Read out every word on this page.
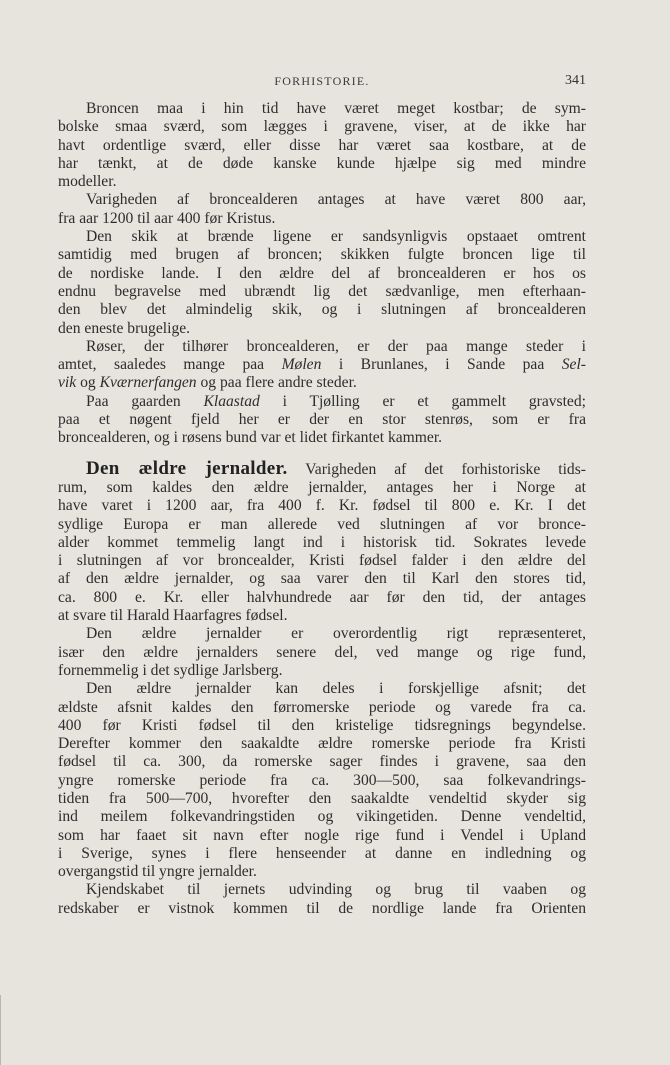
FORHISTORIE.	341
Broncen maa i hin tid have været meget kostbar; de sym-
bolske smaa sværd, som lægges i gravene, viser, at de ikke har
havt ordentlige sværd, eller disse har været saa kostbare, at de
har tænkt, at de døde kanske kunde hjælpe sig med mindre
modeller.
Varigheden af broncealderen antages at have været 800 aar,
fra aar 1200 til aar 400 før Kristus.
Den skik at brænde ligene er sandsynligvis opstaaet omtrent
samtidig med brugen af broncen; skikken fulgte broncen lige til
de nordiske lande. I den ældre del af broncealderen er hos os
endnu begravelse med ubrændt lig det sædvanlige, men efterhaan-
den blev det almindelig skik, og i slutningen af broncealderen
den eneste brugelige.
Røser, der tilhører broncealderen, er der paa mange steder i
amtet, saaledes mange paa Mølen i Brunlanes, i Sande paa Sel-
vik og Kværnerfangen og paa flere andre steder.
Paa gaarden Klaastad i Tjølling er et gammelt gravsted;
paa et nøgent fjeld her er der en stor stenrøs, som er fra
broncealderen, og i røsens bund var et lidet firkantet kammer.
Den ældre jernalder. Varigheden af det forhistoriske tids-
rum, som kaldes den ældre jernalder, antages her i Norge at
have varet i 1200 aar, fra 400 f. Kr. fødsel til 800 e. Kr. I det
sydlige Europa er man allerede ved slutningen af vor bronce-
alder kommet temmelig langt ind i historisk tid. Sokrates levede
i slutningen af vor broncealder, Kristi fødsel falder i den ældre del
af den ældre jernalder, og saa varer den til Karl den stores tid,
ca. 800 e. Kr. eller halvhundrede aar før den tid, der antages
at svare til Harald Haarfagres fødsel.
Den ældre jernalder er overordentlig rigt repræsenteret,
især den ældre jernalders senere del, ved mange og rige fund,
fornemmelig i det sydlige Jarlsberg.
Den ældre jernalder kan deles i forskjellige afsnit; det
ældste afsnit kaldes den førromerske periode og varede fra ca.
400 før Kristi fødsel til den kristelige tidsregnings begyndelse.
Derefter kommer den saakaldte ældre romerske periode fra Kristi
fødsel til ca. 300, da romerske sager findes i gravene, saa den
yngre romerske periode fra ca. 300—500, saa folkevandrings-
tiden fra 500—700, hvorefter den saakaldte vendeltid skyder sig
ind meilem folkevandringstiden og vikingetiden. Denne vendeltid,
som har faaet sit navn efter nogle rige fund i Vendel i Upland
i Sverige, synes i flere henseender at danne en indledning og
overgangstid til yngre jernalder.
Kjendskabet til jernets udvinding og brug til vaaben og
redskaber er vistnok kommen til de nordlige lande fra Orienten
